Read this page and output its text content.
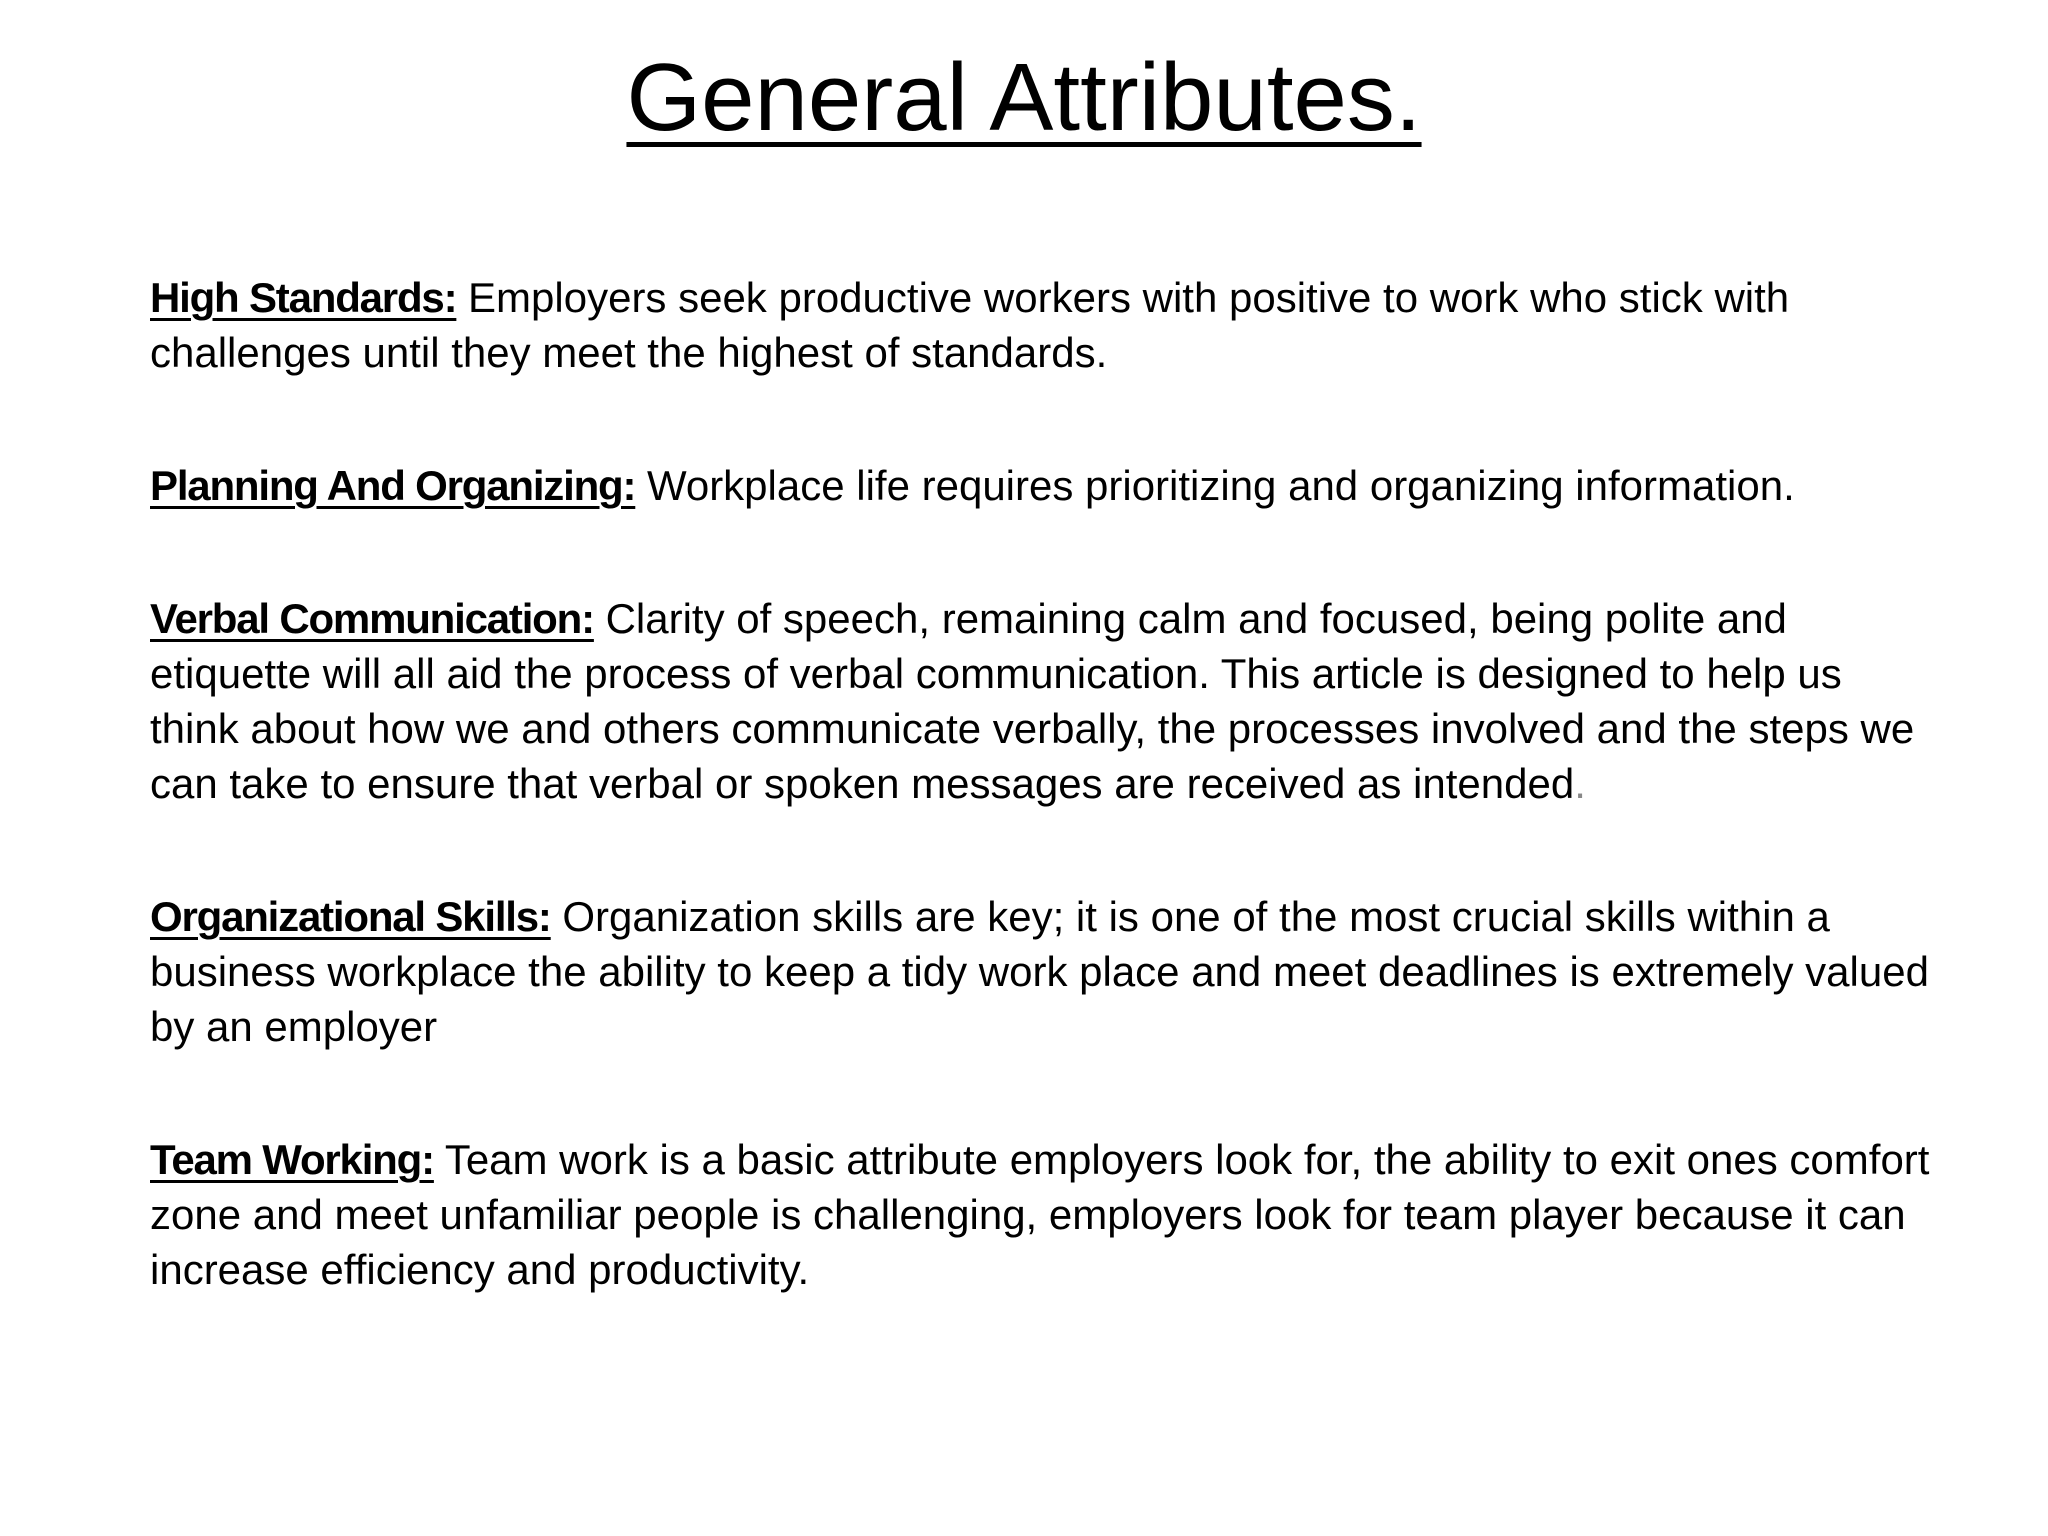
General Attributes.
High Standards: Employers seek productive workers with positive to work who stick with challenges until they meet the highest of standards.
Planning And Organizing: Workplace life requires prioritizing and organizing information.
Verbal Communication: Clarity of speech, remaining calm and focused, being polite and etiquette will all aid the process of verbal communication. This article is designed to help us think about how we and others communicate verbally, the processes involved and the steps we can take to ensure that verbal or spoken messages are received as intended.
Organizational Skills: Organization skills are key; it is one of the most crucial skills within a business workplace the ability to keep a tidy work place and meet deadlines is extremely valued by an employer
Team Working: Team work is a basic attribute employers look for, the ability to exit ones comfort zone and meet unfamiliar people is challenging, employers look for team player because it can increase efficiency and productivity.
